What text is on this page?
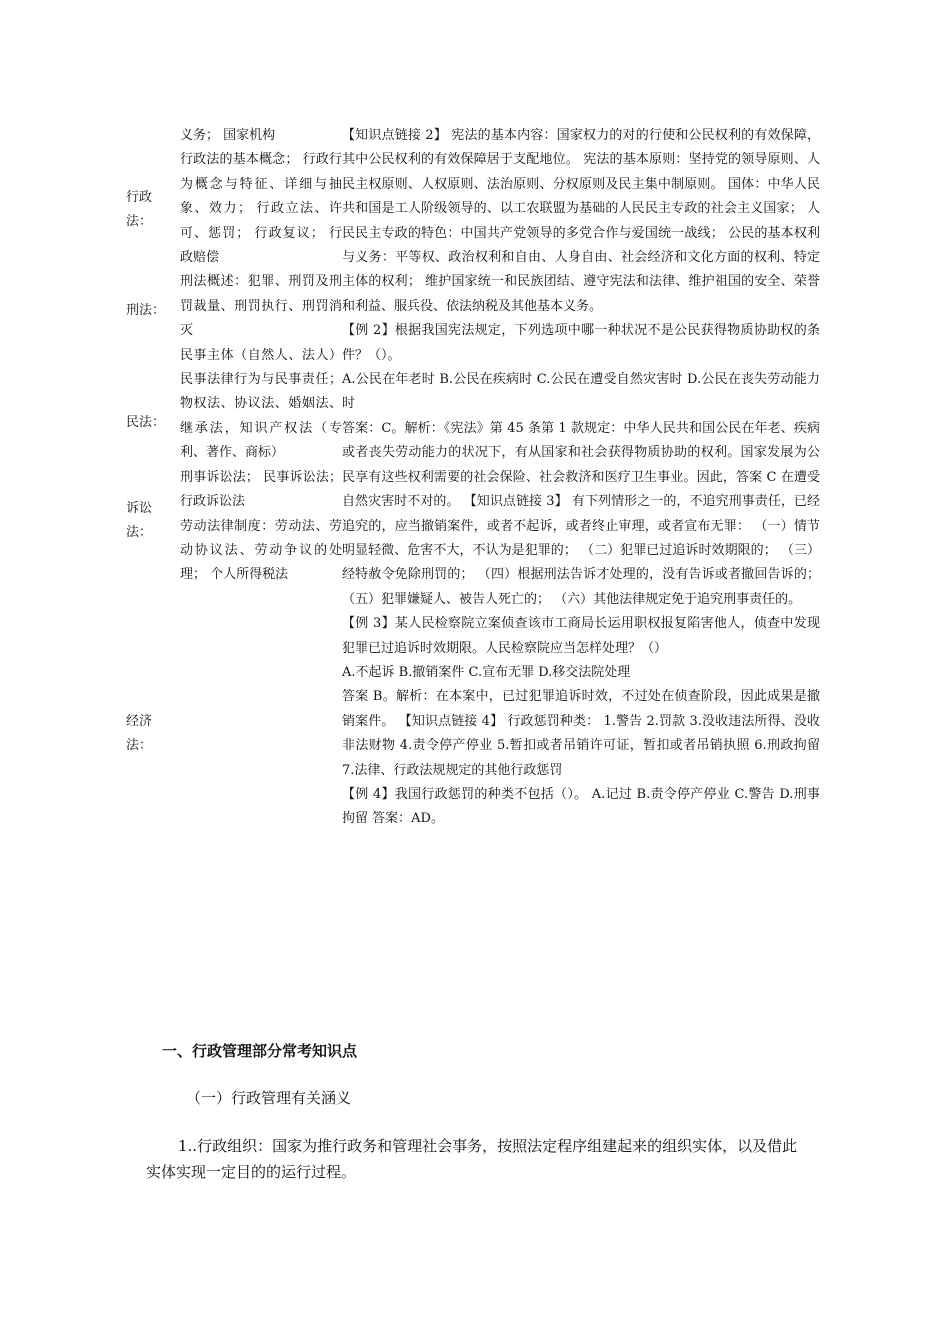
行政
法：
刑法：
民法：
诉讼
法：
经济
法：

义务； 国家机构

行政法的基本概念； 行政行为概念与特征、详细与抽象、效力； 行政立法、许可、惩罚； 行政复议； 行政赔偿

刑法概述：犯罪、刑罚及刑罚裁量、刑罚执行、刑罚消灭

民事主体（自然人、法人） 民事法律行为与民事责任； 物权法、协议法、婚姻法、继承法，知识产权法（专利、著作、商标）

刑事诉讼法； 民事诉讼法； 行政诉讼法

劳动法律制度：劳动法、劳动协议法、劳动争议的处理； 个人所得税法

【知识点链接 2】 宪法的基本内容：国家权力的对的行使和公民权利的有效保障，其中公民权利的有效保障居于支配地位。 宪法的基本原则：坚持党的领导原则、人民主权原则、人权原则、法治原则、分权原则及民主集中制原则。 国体：中华人民共和国是工人阶级领导的、以工农联盟为基础的人民民主专政的社会主义国家； 人民民主专政的特色：中国共产党领导的多党合作与爱国统一战线； 公民的基本权利与义务：平等权、政治权利和自由、人身自由、社会经济和文化方面的权利、特定主体的权利； 维护国家统一和民族团结、遵守宪法和法律、维护祖国的安全、荣誉和利益、服兵役、依法纳税及其他基本义务。

【例 2】根据我国宪法规定，下列选项中哪一种状况不是公民获得物质协助权的条件？（）。

A.公民在年老时 B.公民在疾病时 C.公民在遭受自然灾害时 D.公民在丧失劳动能力时

答案：C。解析：《宪法》第 45 条第 1 款规定：中华人民共和国公民在年老、疾病或者丧失劳动能力的状况下，有从国家和社会获得物质协助的权利。国家发展为公民享有这些权利需要的社会保险、社会救济和医疗卫生事业。因此，答案 C 在遭受自然灾害时不对的。 【知识点链接 3】 有下列情形之一的，不追究刑事责任，已经追究的，应当撤销案件，或者不起诉，或者终止审理，或者宣布无罪： （一）情节明显轻微、危害不大，不认为是犯罪的； （二）犯罪已过追诉时效期限的； （三）经特赦令免除刑罚的； （四）根据刑法告诉才处理的，没有告诉或者撤回告诉的； （五）犯罪嫌疑人、被告人死亡的； （六）其他法律规定免于追究刑事责任的。

【例 3】某人民检察院立案侦查该市工商局长运用职权报复陷害他人，侦查中发现犯罪已过追诉时效期限。人民检察院应当怎样处理？（）

A.不起诉 B.撤销案件 C.宣布无罪 D.移交法院处理

答案 B。解析：在本案中，已过犯罪追诉时效，不过处在侦查阶段，因此成果是撤销案件。 【知识点链接 4】 行政惩罚种类： 1.警告 2.罚款 3.没收违法所得、没收非法财物 4.责令停产停业 5.暂扣或者吊销许可证，暂扣或者吊销执照 6.刑政拘留 7.法律、行政法规规定的其他行政惩罚

【例 4】我国行政惩罚的种类不包括（）。 A.记过 B.责令停产停业 C.警告 D.刑事拘留 答案：AD。

一、行政管理部分常考知识点
（一）行政管理有关涵义
1..行政组织：国家为推行政务和管理社会事务，按照法定程序组建起来的组织实体，以及借此实体实现一定目的的运行过程。
